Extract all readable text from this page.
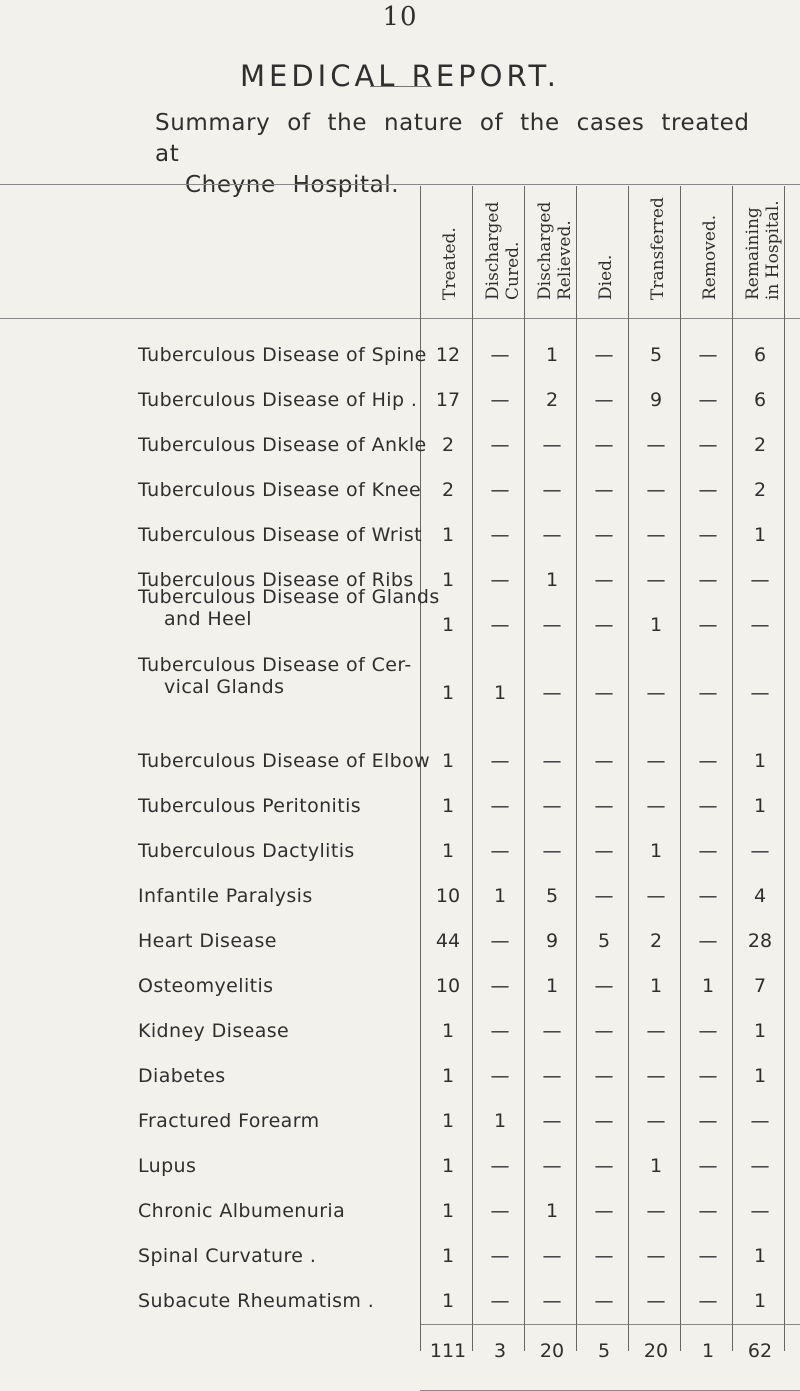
10
MEDICAL REPORT.
Summary of the nature of the cases treated at
Cheyne Hospital.
Treated. Discharged Cured. Discharged Relieved. Died. Transferred Removed. Remaining in Hospital.
Tuberculous Disease of Spine 12	—	1	—	5	—	6
Tuberculous Disease of Hip . 17	—	2	—	9	—	6
Tuberculous Disease of Ankle 2	—	—	—	—	—	2
Tuberculous Disease of Knee	2	—	—	—	—	—	2
Tuberculous Disease of Wrist	1	—	—	—	—	—	1
Tuberculous Disease of Ribs	1	—	1	—	—	—	—
Tuberculous Disease of Glands
and Heel	1	—	—	—	1	—	—
Tuberculous Disease of Cer-
vical Glands	1	1	—	—	—	—	—
Tuberculous Disease of Elbow 1	—	—	—	—	—	1
Tuberculous Peritonitis	1	—	—	—	—	—	1
Tuberculous Dactylitis	1	—	—	—	1	—	—
Infantile Paralysis	10	1	5	—	—	—	4
Heart Disease	44	—	9	5	2	—	28
Osteomyelitis	10	—	1	—	1	1	7
Kidney Disease	1	—	—	—	—	—	1
Diabetes	1	—	—	—	—	—	1
Fractured Forearm	1	1	—	—	—	—	—
Lupus	1	—	—	—	1	—	—
Chronic Albumenuria	1	—	1	—	—	—	—
Spinal Curvature .	1	—	—	—	—	—	1
Subacute Rheumatism .	1	—	—	—	—	—	1
111	3	20	5	20	1	62
